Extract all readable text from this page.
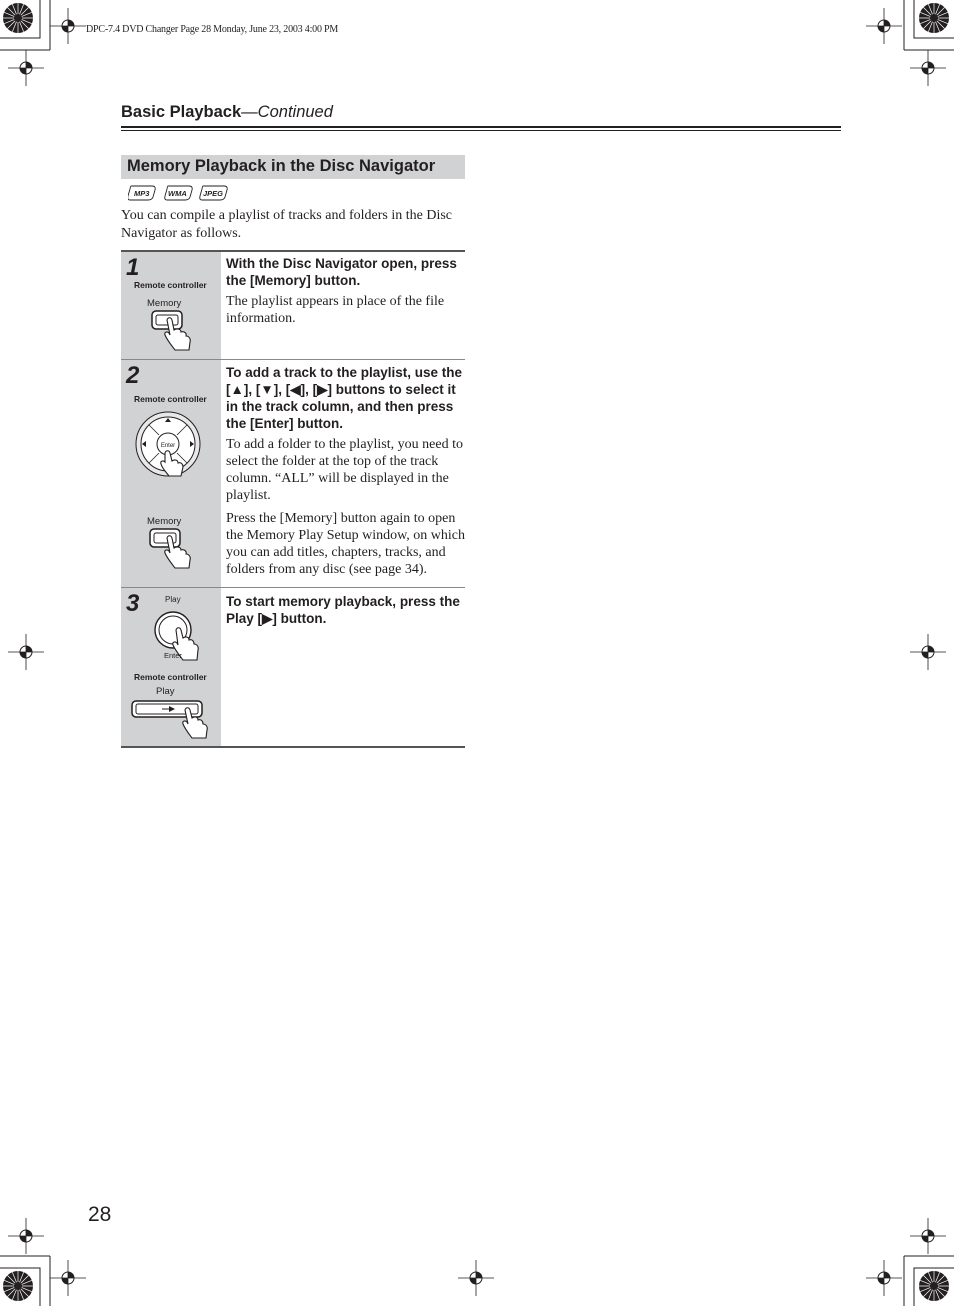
DPC-7.4 DVD Changer Page 28 Monday, June 23, 2003 4:00 PM
Basic Playback—Continued
Memory Playback in the Disc Navigator
MP3 WMA JPEG
You can compile a playlist of tracks and folders in the Disc Navigator as follows.
1
Remote controller
Memory
With the Disc Navigator open, press the [Memory] button.

The playlist appears in place of the file information.

2
Remote controller
Enter
Memory
To add a track to the playlist, use the [▲], [▼], [◀], [▶] buttons to select it in the track column, and then press the [Enter] button.

To add a folder to the playlist, you need to select the folder at the top of the track column. “ALL” will be displayed in the playlist.

Press the [Memory] button again to open the Memory Play Setup window, on which you can add titles, chapters, tracks, and folders from any disc (see page 34).

3	Play
Enter
Remote controller
Play
To start memory playback, press the Play [▶] button.
28
